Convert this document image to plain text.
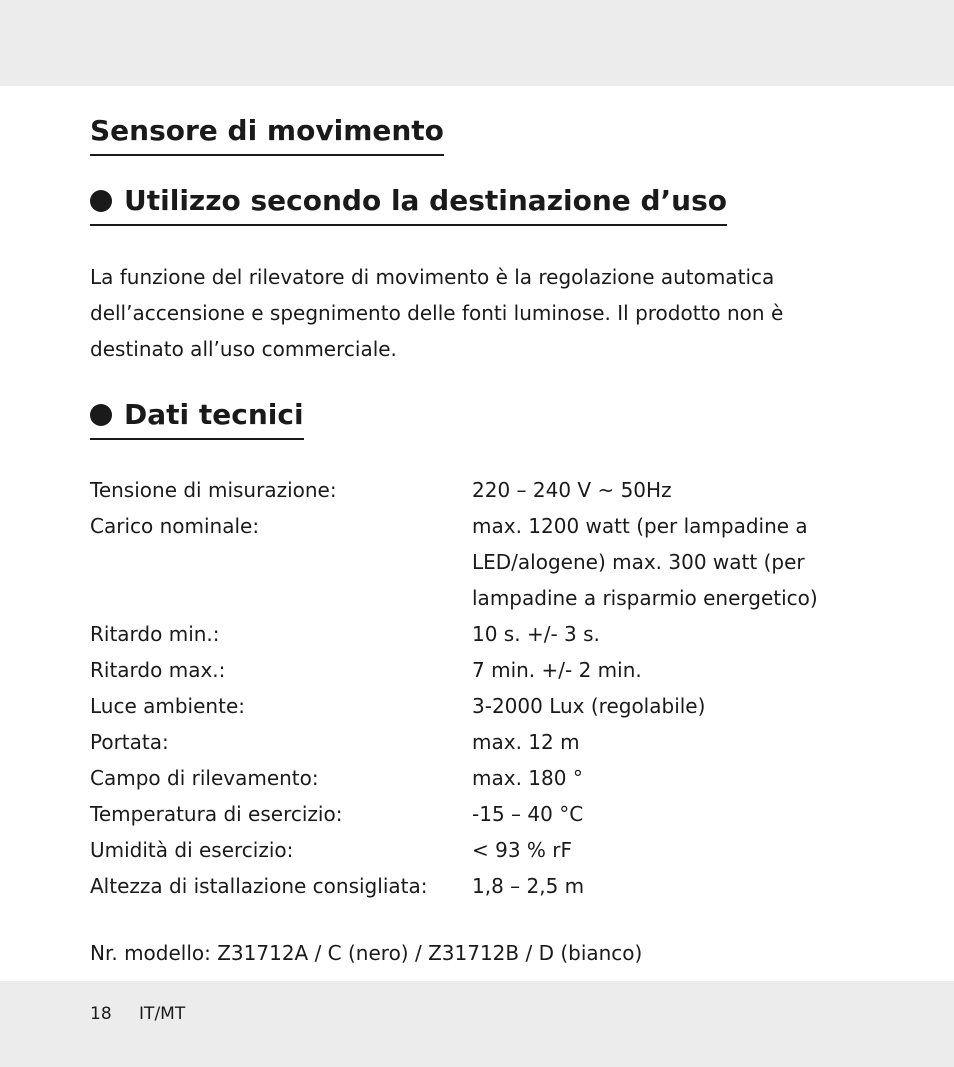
Sensore di movimento
Utilizzo secondo la destinazione d’uso

La funzione del rilevatore di movimento è la regolazione automatica dell’accensione e spegnimento delle fonti luminose. Il prodotto non è destinato all’uso commerciale.

Dati tecnici
Tensione di misurazione:	220 – 240 V ~ 50Hz
Carico nominale:	max. 1200 watt (per lampadine a LED/alogene) max. 300 watt (per lampadine a risparmio energetico)
Ritardo min.:	10 s. +/- 3 s.
Ritardo max.:	7 min. +/- 2 min.
Luce ambiente:	3-2000 Lux (regolabile)
Portata:	max. 12 m
Campo di rilevamento:	max. 180 °
Temperatura di esercizio:	-15 – 40 °C
Umidità di esercizio:	< 93 % rF
Altezza di istallazione consigliata:	1,8 – 2,5 m
Nr. modello: Z31712A / C (nero) / Z31712B / D (bianco)
18 IT/MT
